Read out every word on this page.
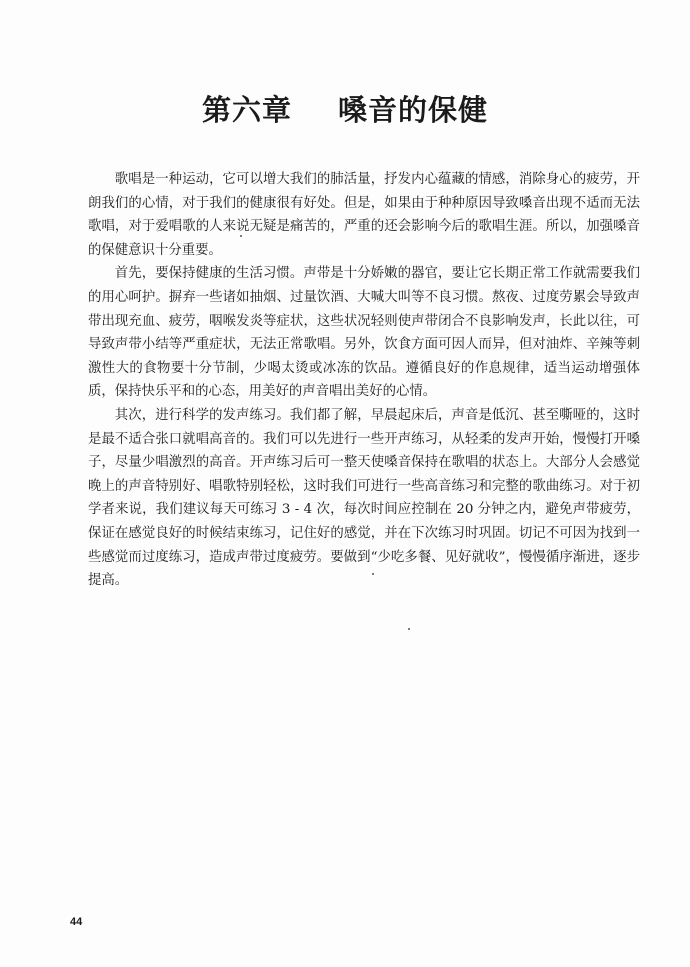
第六章 嗓音的保健

歌唱是一种运动，它可以增大我们的肺活量，抒发内心蕴藏的情感，消除身心的疲劳，开朗我们的心情，对于我们的健康很有好处。但是，如果由于种种原因导致嗓音出现不适而无法歌唱，对于爱唱歌的人来说无疑是痛苦的，严重的还会影响今后的歌唱生涯。所以，加强嗓音的保健意识十分重要。

首先，要保持健康的生活习惯。声带是十分娇嫩的器官，要让它长期正常工作就需要我们的用心呵护。摒弃一些诸如抽烟、过量饮酒、大喊大叫等不良习惯。熬夜、过度劳累会导致声带出现充血、疲劳，咽喉发炎等症状，这些状况轻则使声带闭合不良影响发声，长此以往，可导致声带小结等严重症状，无法正常歌唱。另外，饮食方面可因人而异，但对油炸、辛辣等刺激性大的食物要十分节制，少喝太烫或冰冻的饮品。遵循良好的作息规律，适当运动增强体质，保持快乐平和的心态，用美好的声音唱出美好的心情。

其次，进行科学的发声练习。我们都了解，早晨起床后，声音是低沉、甚至嘶哑的，这时是最不适合张口就唱高音的。我们可以先进行一些开声练习，从轻柔的发声开始，慢慢打开嗓子，尽量少唱激烈的高音。开声练习后可一整天使嗓音保持在歌唱的状态上。大部分人会感觉晚上的声音特别好、唱歌特别轻松，这时我们可进行一些高音练习和完整的歌曲练习。对于初学者来说，我们建议每天可练习 3 - 4 次，每次时间应控制在 20 分钟之内，避免声带疲劳，保证在感觉良好的时候结束练习，记住好的感觉，并在下次练习时巩固。切记不可因为找到一些感觉而过度练习，造成声带过度疲劳。要做到“少吃多餐、见好就收”，慢慢循序渐进，逐步提高。

44
